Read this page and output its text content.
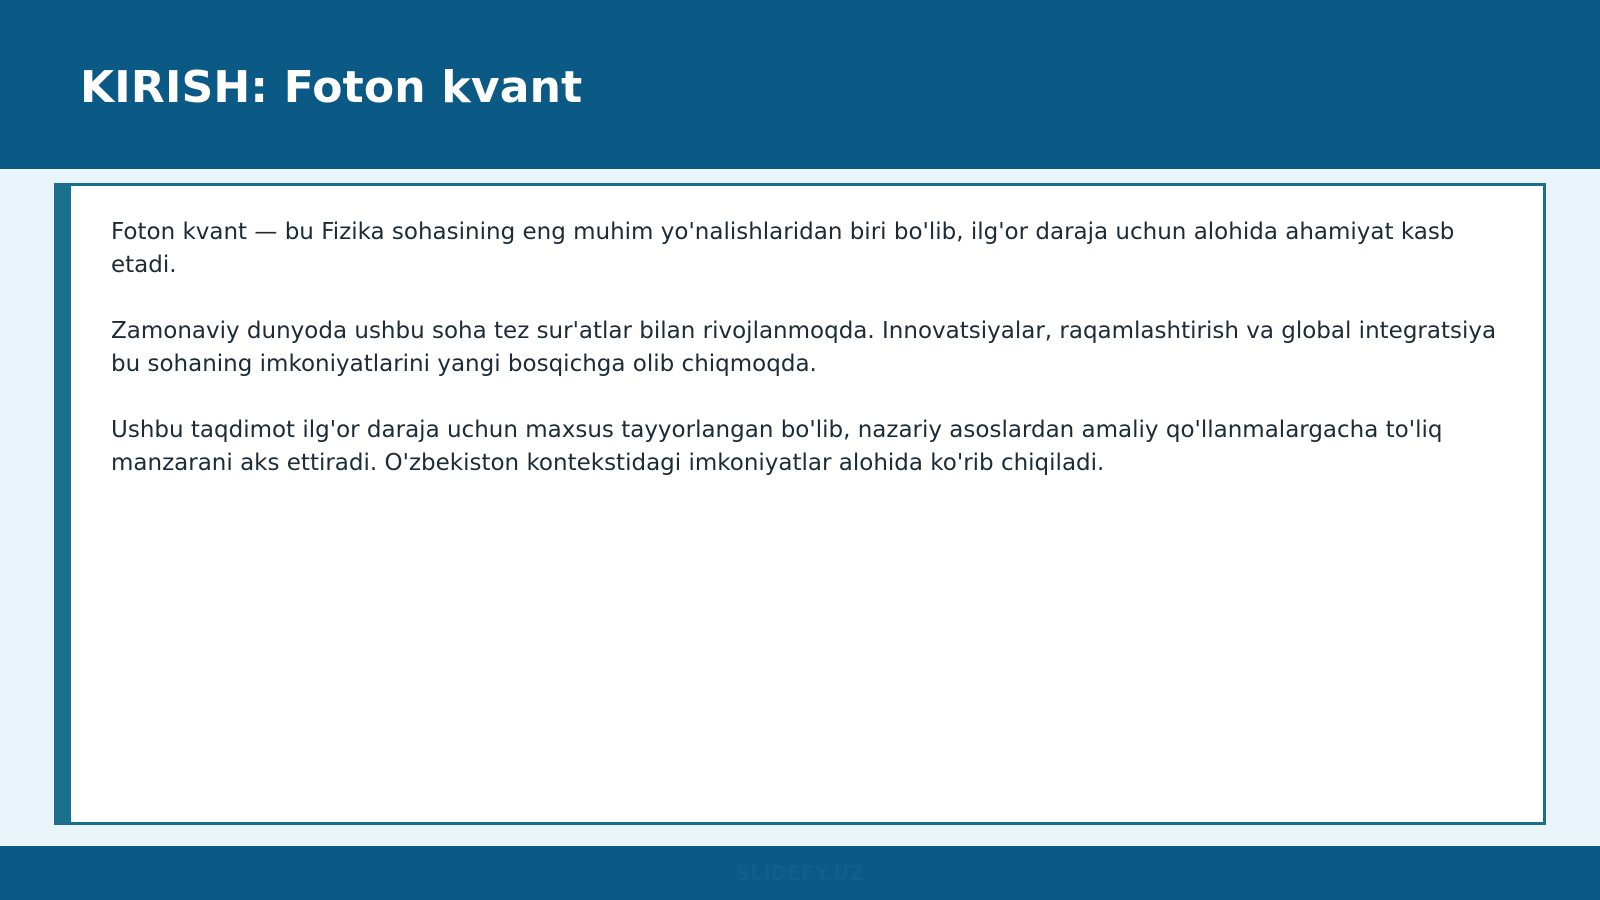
KIRISH: Foton kvant

Foton kvant — bu Fizika sohasining eng muhim yo'nalishlaridan biri bo'lib, ilg'or daraja uchun alohida ahamiyat kasb etadi.

Zamonaviy dunyoda ushbu soha tez sur'atlar bilan rivojlanmoqda. Innovatsiyalar, raqamlashtirish va global integratsiya bu sohaning imkoniyatlarini yangi bosqichga olib chiqmoqda.

Ushbu taqdimot ilg'or daraja uchun maxsus tayyorlangan bo'lib, nazariy asoslardan amaliy qo'llanmalargacha to'liq manzarani aks ettiradi. O'zbekiston kontekstidagi imkoniyatlar alohida ko'rib chiqiladi.

SLIDEFY.UZ
